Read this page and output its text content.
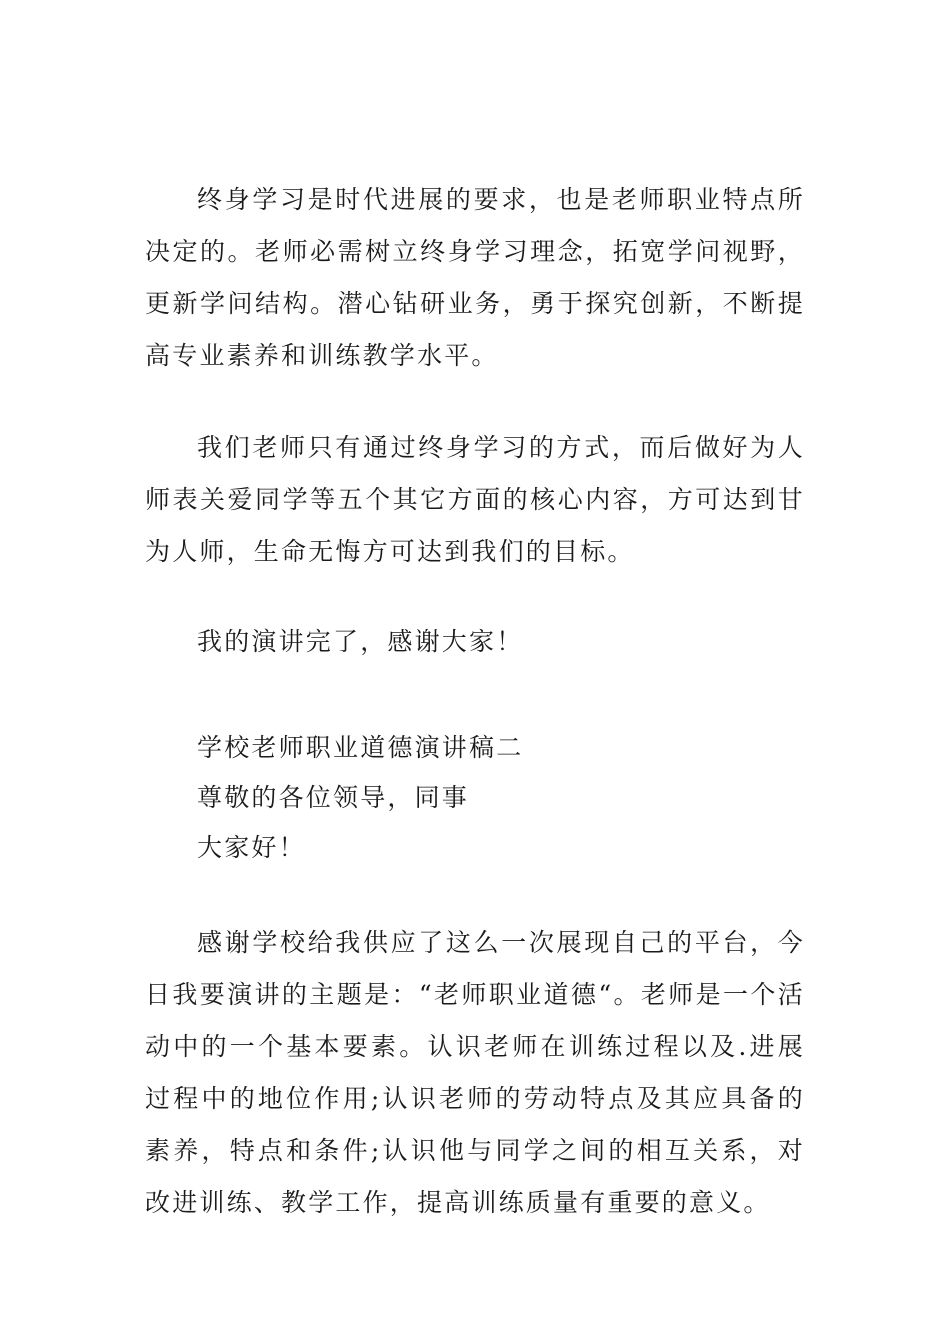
终身学习是时代进展的要求，也是老师职业特点所决定的。老师必需树立终身学习理念，拓宽学问视野，更新学问结构。潜心钻研业务，勇于探究创新，不断提高专业素养和训练教学水平。

我们老师只有通过终身学习的方式，而后做好为人师表关爱同学等五个其它方面的核心内容，方可达到甘为人师，生命无悔方可达到我们的目标。

我的演讲完了，感谢大家！

学校老师职业道德演讲稿二

尊敬的各位领导，同事

大家好！

感谢学校给我供应了这么一次展现自己的平台，今日我要演讲的主题是：“老师职业道德“。老师是一个活动中的一个基本要素。认识老师在训练过程以及.进展过程中的地位作用;认识老师的劳动特点及其应具备的素养，特点和条件;认识他与同学之间的相互关系，对改进训练、教学工作，提高训练质量有重要的意义。
